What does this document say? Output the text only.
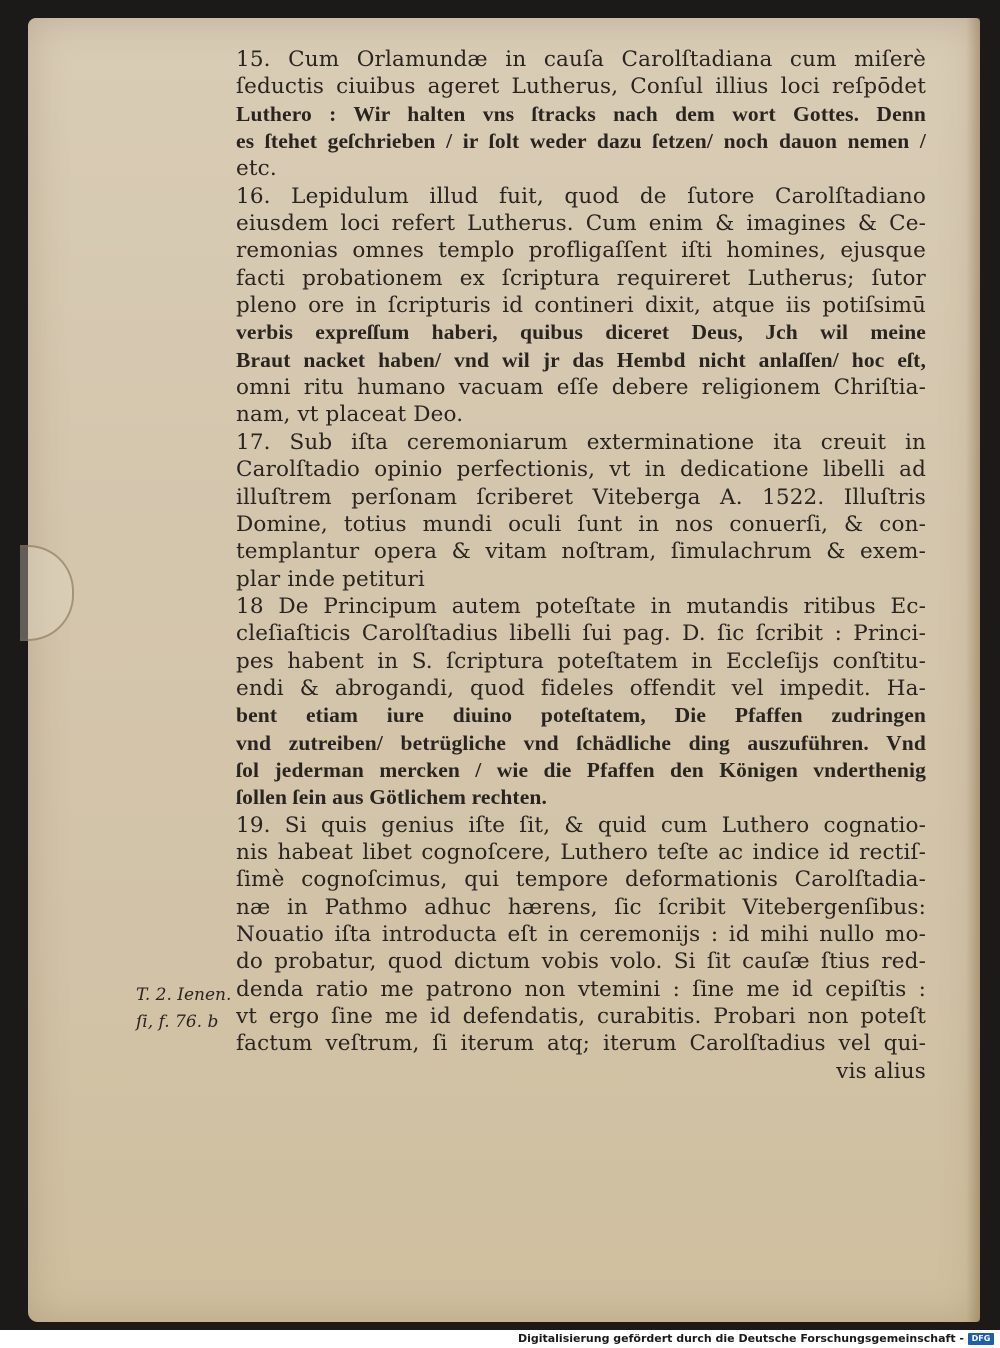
15. Cum Orlamundæ in cauſa Carolſtadiana cum miſerè
ſeductis ciuibus ageret Lutherus, Conſul illius loci reſpōdet
Luthero : Wir halten vns ſtracks nach dem wort Gottes. Denn
es ſtehet geſchrieben / ir ſolt weder dazu ſetzen/ noch dauon nemen /
etc.
16. Lepidulum illud fuit, quod de ſutore Carolſtadiano
eiusdem loci refert Lutherus. Cum enim & imagines & Ce-
remonias omnes templo profligaſſent iſti homines, ejusque
facti probationem ex ſcriptura requireret Lutherus; ſutor
pleno ore in ſcripturis id contineri dixit, atque iis potiſsimū
verbis expreſſum haberi, quibus diceret Deus, Jch wil meine
Braut nacket haben/ vnd wil jr das Hembd nicht anlaſſen/ hoc eſt,
omni ritu humano vacuam eſſe debere religionem Chriſtia-
nam, vt placeat Deo.
17. Sub iſta ceremoniarum exterminatione ita creuit in
Carolſtadio opinio perfectionis, vt in dedicatione libelli ad
illuſtrem perſonam ſcriberet Viteberga A. 1522. Illuſtris
Domine, totius mundi oculi ſunt in nos conuerſi, & con-
templantur opera & vitam noſtram, ſimulachrum & exem-
plar inde petituri
18 De Principum autem poteſtate in mutandis ritibus Ec-
cleſiaſticis Carolſtadius libelli ſui pag. D. ſic ſcribit : Princi-
pes habent in S. ſcriptura poteſtatem in Eccleſijs conſtitu-
endi & abrogandi, quod fideles offendit vel impedit. Ha-
bent etiam iure diuino poteſtatem, Die Pfaffen zudringen
vnd zutreiben/ betrügliche vnd ſchädliche ding auszuführen. Vnd
ſol jederman mercken / wie die Pfaffen den Königen vnderthenig
ſollen ſein aus Götlichem rechten.
19. Si quis genius iſte ſit, & quid cum Luthero cognatio-
nis habeat libet cognoſcere, Luthero teſte ac indice id rectiſ-
ſimè cognoſcimus, qui tempore deformationis Carolſtadia-
næ in Pathmo adhuc hærens, ſic ſcribit Vitebergenſibus:
Nouatio iſta introducta eſt in ceremonijs : id mihi nullo mo-
do probatur, quod dictum vobis volo. Si ſit cauſæ ſtius red-
denda ratio me patrono non vtemini : ſine me id cepiſtis :
vt ergo ſine me id defendatis, curabitis. Probari non poteſt
factum veſtrum, ſi iterum atq; iterum Carolſtadius vel qui-
vis alius
T. 2. Ienen.
ſi, f. 76. b
Digitalisierung gefördert durch die Deutsche Forschungsgemeinschaft - DFG
